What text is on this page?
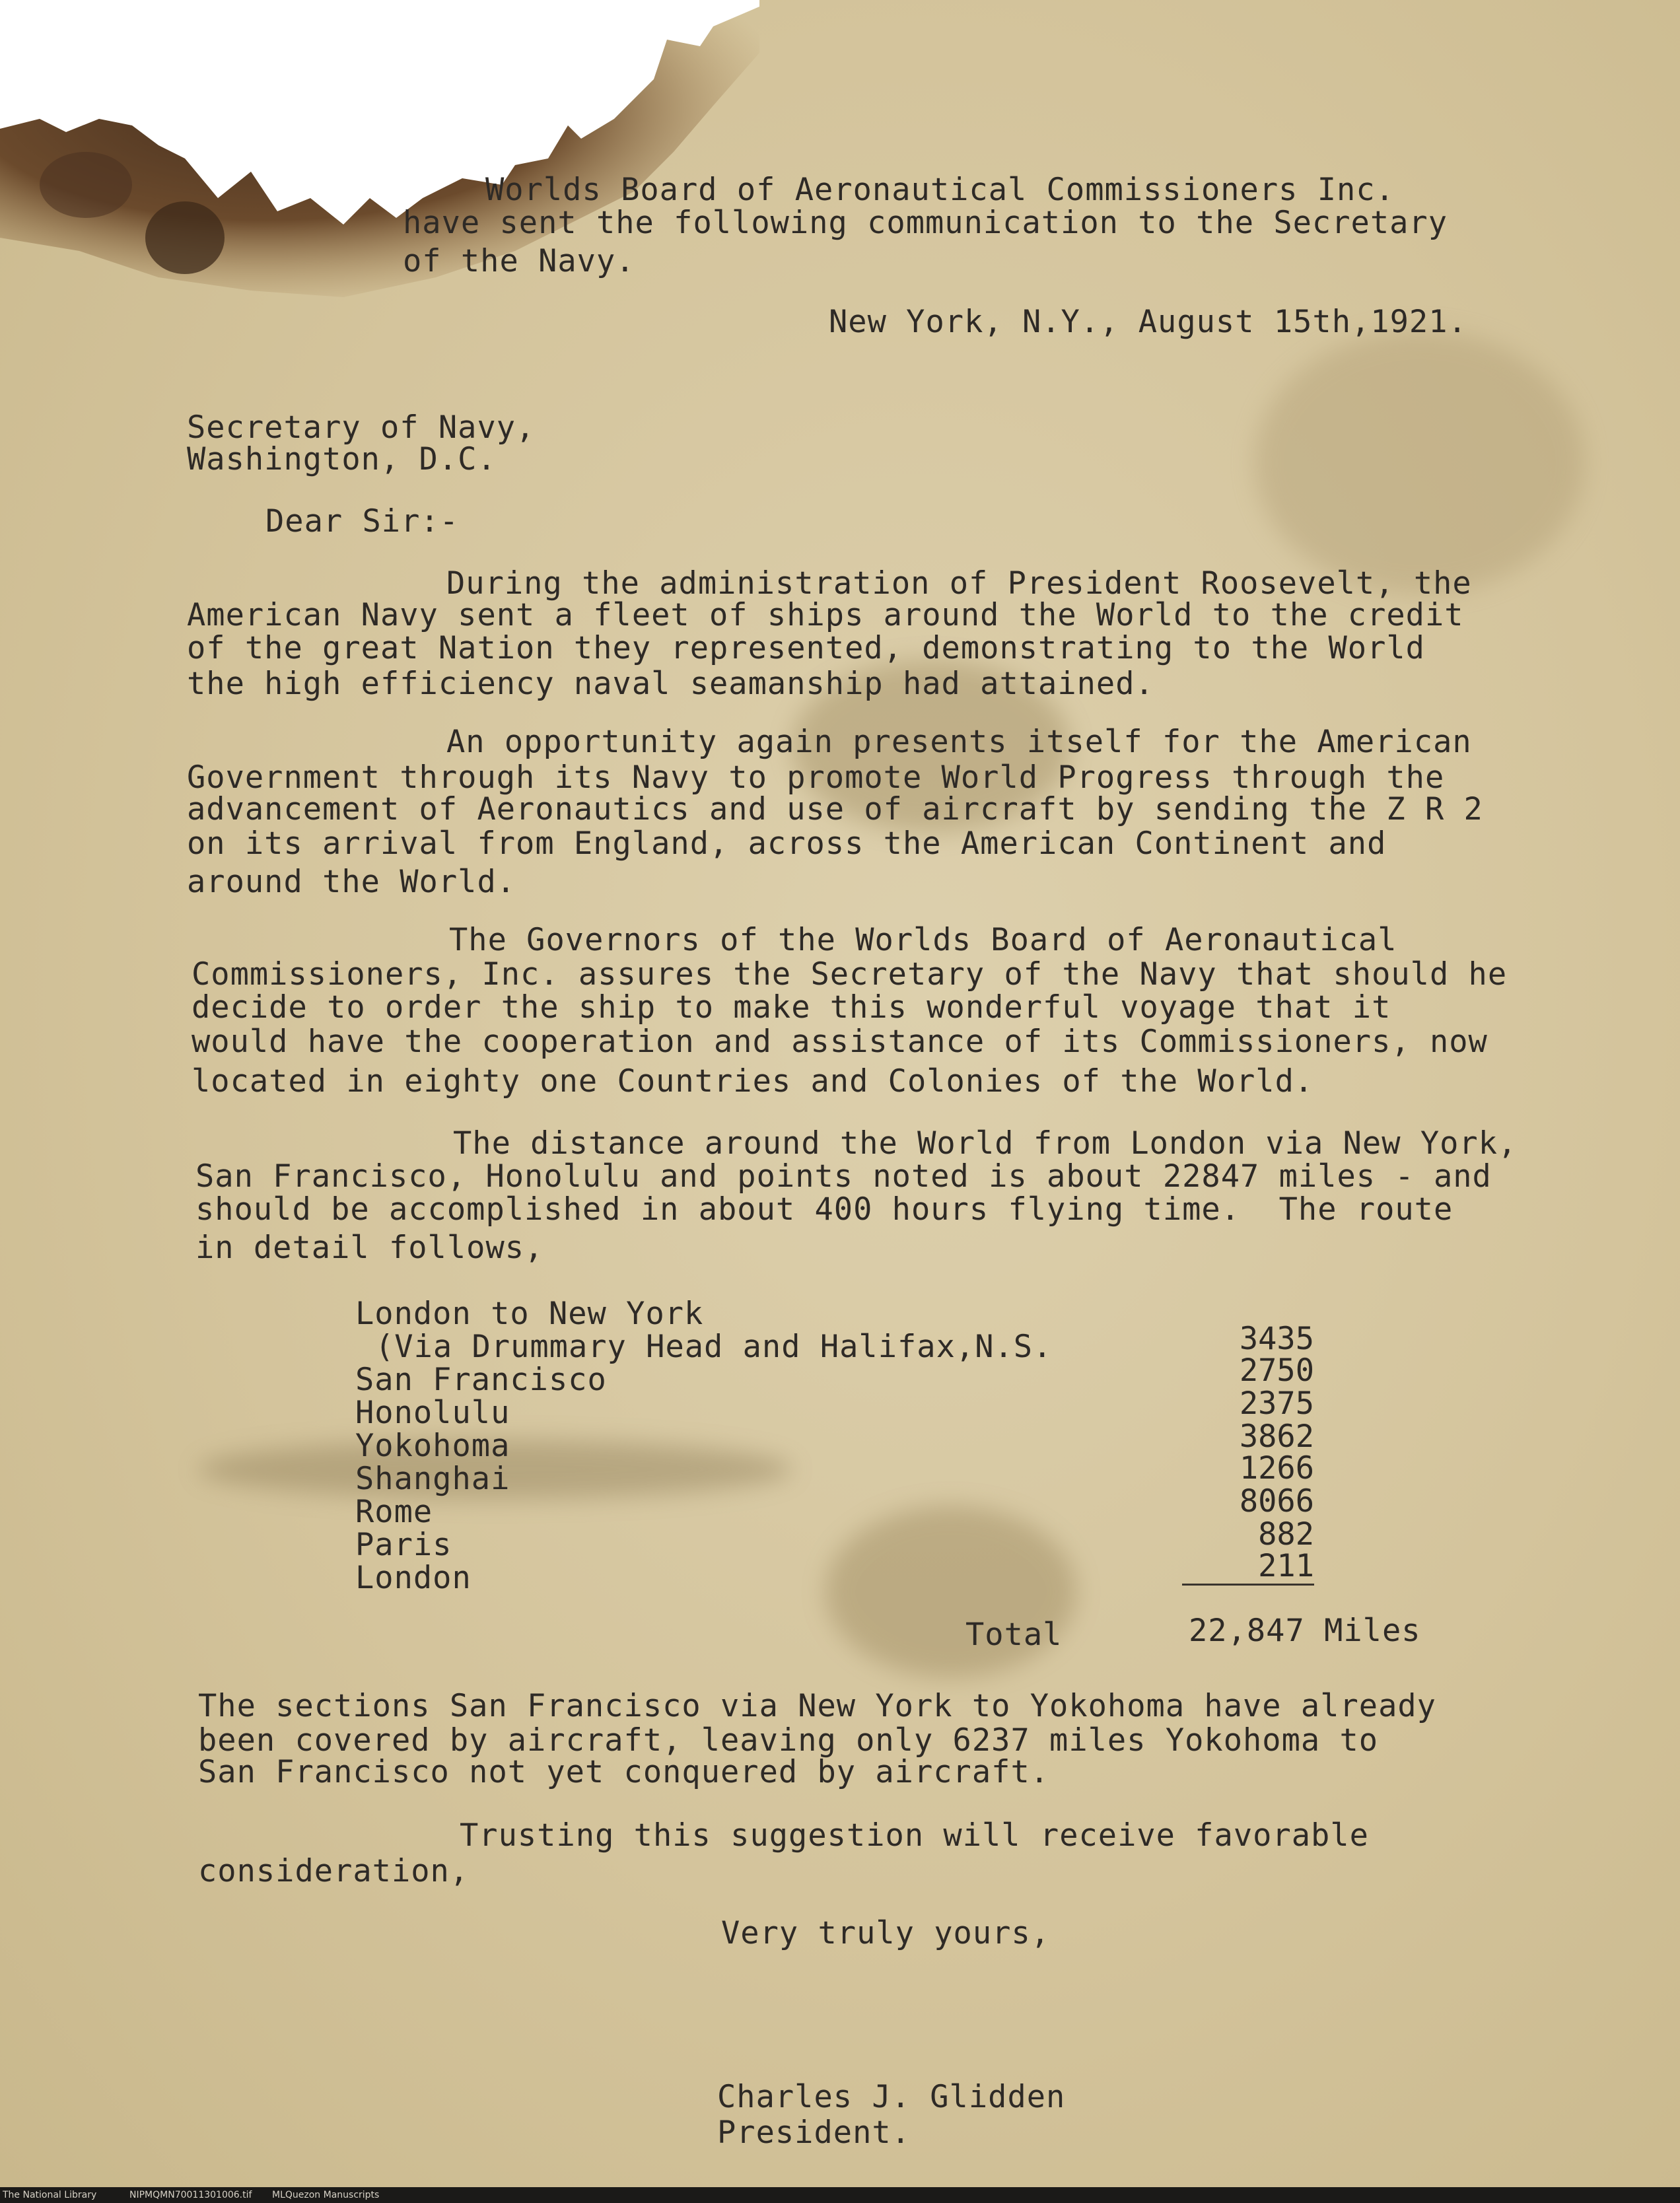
Worlds Board of Aeronautical Commissioners Inc.
have sent the following communication to the Secretary
of the Navy.
New York, N.Y., August 15th,1921.
Secretary of Navy,
Washington, D.C.
Dear Sir:-
During the administration of President Roosevelt, the
American Navy sent a fleet of ships around the World to the credit
of the great Nation they represented, demonstrating to the World
the high efficiency naval seamanship had attained.
An opportunity again presents itself for the American
Government through its Navy to promote World Progress through the
advancement of Aeronautics and use of aircraft by sending the Z R 2
on its arrival from England, across the American Continent and
around the World.
The Governors of the Worlds Board of Aeronautical
Commissioners, Inc. assures the Secretary of the Navy that should he
decide to order the ship to make this wonderful voyage that it
would have the cooperation and assistance of its Commissioners, now
located in eighty one Countries and Colonies of the World.
The distance around the World from London via New York,
San Francisco, Honolulu and points noted is about 22847 miles - and
should be accomplished in about 400 hours flying time.  The route
in detail follows,
London to New York
(Via Drummary Head and Halifax,N.S.	3435
San Francisco	2750
Honolulu	2375
Yokohoma	3862
Shanghai	1266
Rome	8066
Paris	882
London	211
Total	22,847 Miles
The sections San Francisco via New York to Yokohoma have already
been covered by aircraft, leaving only 6237 miles Yokohoma to
San Francisco not yet conquered by aircraft.
Trusting this suggestion will receive favorable
consideration,
Very truly yours,
Charles J. Glidden
President.
The National Library	NIPMQMN70011301006.tif MLQuezon Manuscripts
